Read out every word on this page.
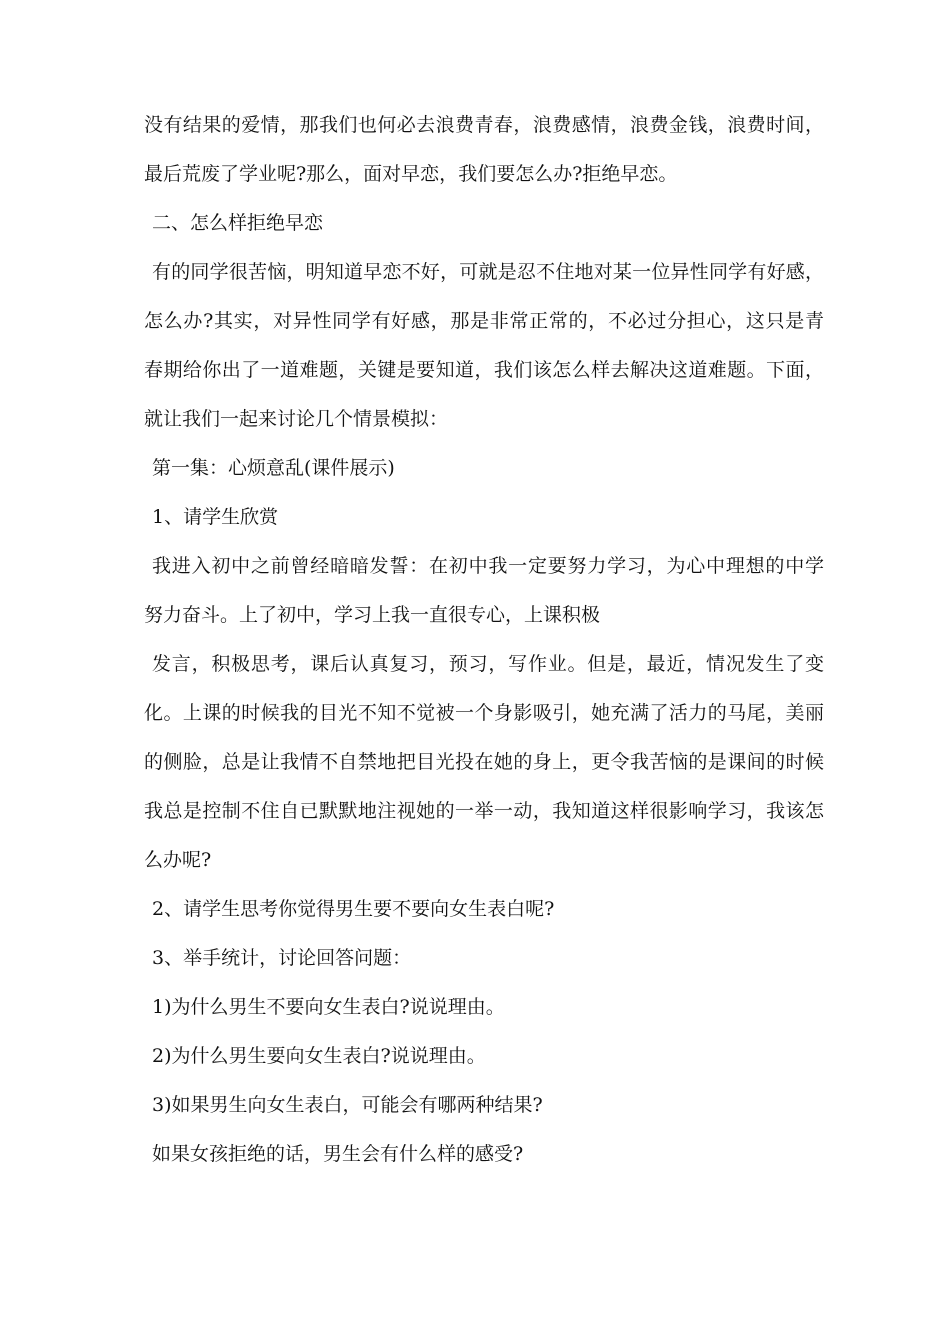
没有结果的爱情，那我们也何必去浪费青春，浪费感情，浪费金钱，浪费时间，
最后荒废了学业呢?那么，面对早恋，我们要怎么办?拒绝早恋。
二、怎么样拒绝早恋
有的同学很苦恼，明知道早恋不好，可就是忍不住地对某一位异性同学有好感，
怎么办?其实，对异性同学有好感，那是非常正常的，不必过分担心，这只是青
春期给你出了一道难题，关键是要知道，我们该怎么样去解决这道难题。下面，
就让我们一起来讨论几个情景模拟：
第一集：心烦意乱(课件展示)
1、请学生欣赏
我进入初中之前曾经暗暗发誓：在初中我一定要努力学习，为心中理想的中学
努力奋斗。上了初中，学习上我一直很专心，上课积极
发言，积极思考，课后认真复习，预习，写作业。但是，最近，情况发生了变
化。上课的时候我的目光不知不觉被一个身影吸引，她充满了活力的马尾，美丽
的侧脸，总是让我情不自禁地把目光投在她的身上，更令我苦恼的是课间的时候
我总是控制不住自已默默地注视她的一举一动，我知道这样很影响学习，我该怎
么办呢?
2、请学生思考你觉得男生要不要向女生表白呢?
3、举手统计，讨论回答问题：
1)为什么男生不要向女生表白?说说理由。
2)为什么男生要向女生表白?说说理由。
3)如果男生向女生表白，可能会有哪两种结果?
如果女孩拒绝的话，男生会有什么样的感受?
